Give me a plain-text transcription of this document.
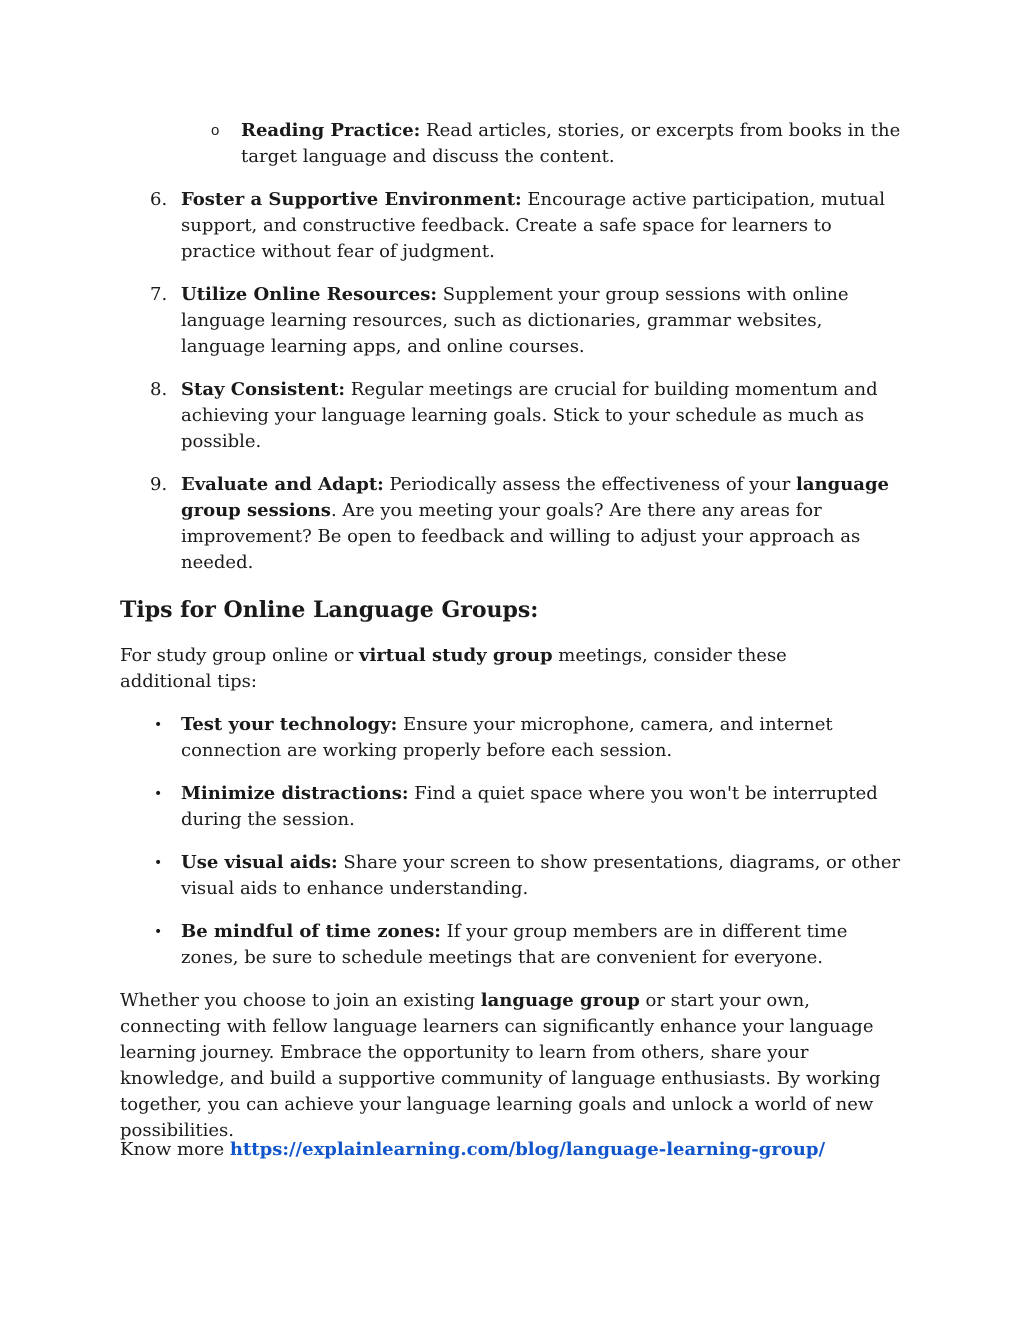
o Reading Practice: Read articles, stories, or excerpts from books in the target language and discuss the content.
6. Foster a Supportive Environment: Encourage active participation, mutual support, and constructive feedback. Create a safe space for learners to practice without fear of judgment.
7. Utilize Online Resources: Supplement your group sessions with online language learning resources, such as dictionaries, grammar websites, language learning apps, and online courses.
8. Stay Consistent: Regular meetings are crucial for building momentum and achieving your language learning goals. Stick to your schedule as much as possible.
9. Evaluate and Adapt: Periodically assess the effectiveness of your language group sessions. Are you meeting your goals? Are there any areas for improvement? Be open to feedback and willing to adjust your approach as needed.
Tips for Online Language Groups:

For study group online or virtual study group meetings, consider these additional tips:

• Test your technology: Ensure your microphone, camera, and internet connection are working properly before each session.
• Minimize distractions: Find a quiet space where you won't be interrupted during the session.
• Use visual aids: Share your screen to show presentations, diagrams, or other visual aids to enhance understanding.
• Be mindful of time zones: If your group members are in different time zones, be sure to schedule meetings that are convenient for everyone.

Whether you choose to join an existing language group or start your own, connecting with fellow language learners can significantly enhance your language learning journey. Embrace the opportunity to learn from others, share your knowledge, and build a supportive community of language enthusiasts. By working together, you can achieve your language learning goals and unlock a world of new possibilities.

Know more https://explainlearning.com/blog/language-learning-group/
